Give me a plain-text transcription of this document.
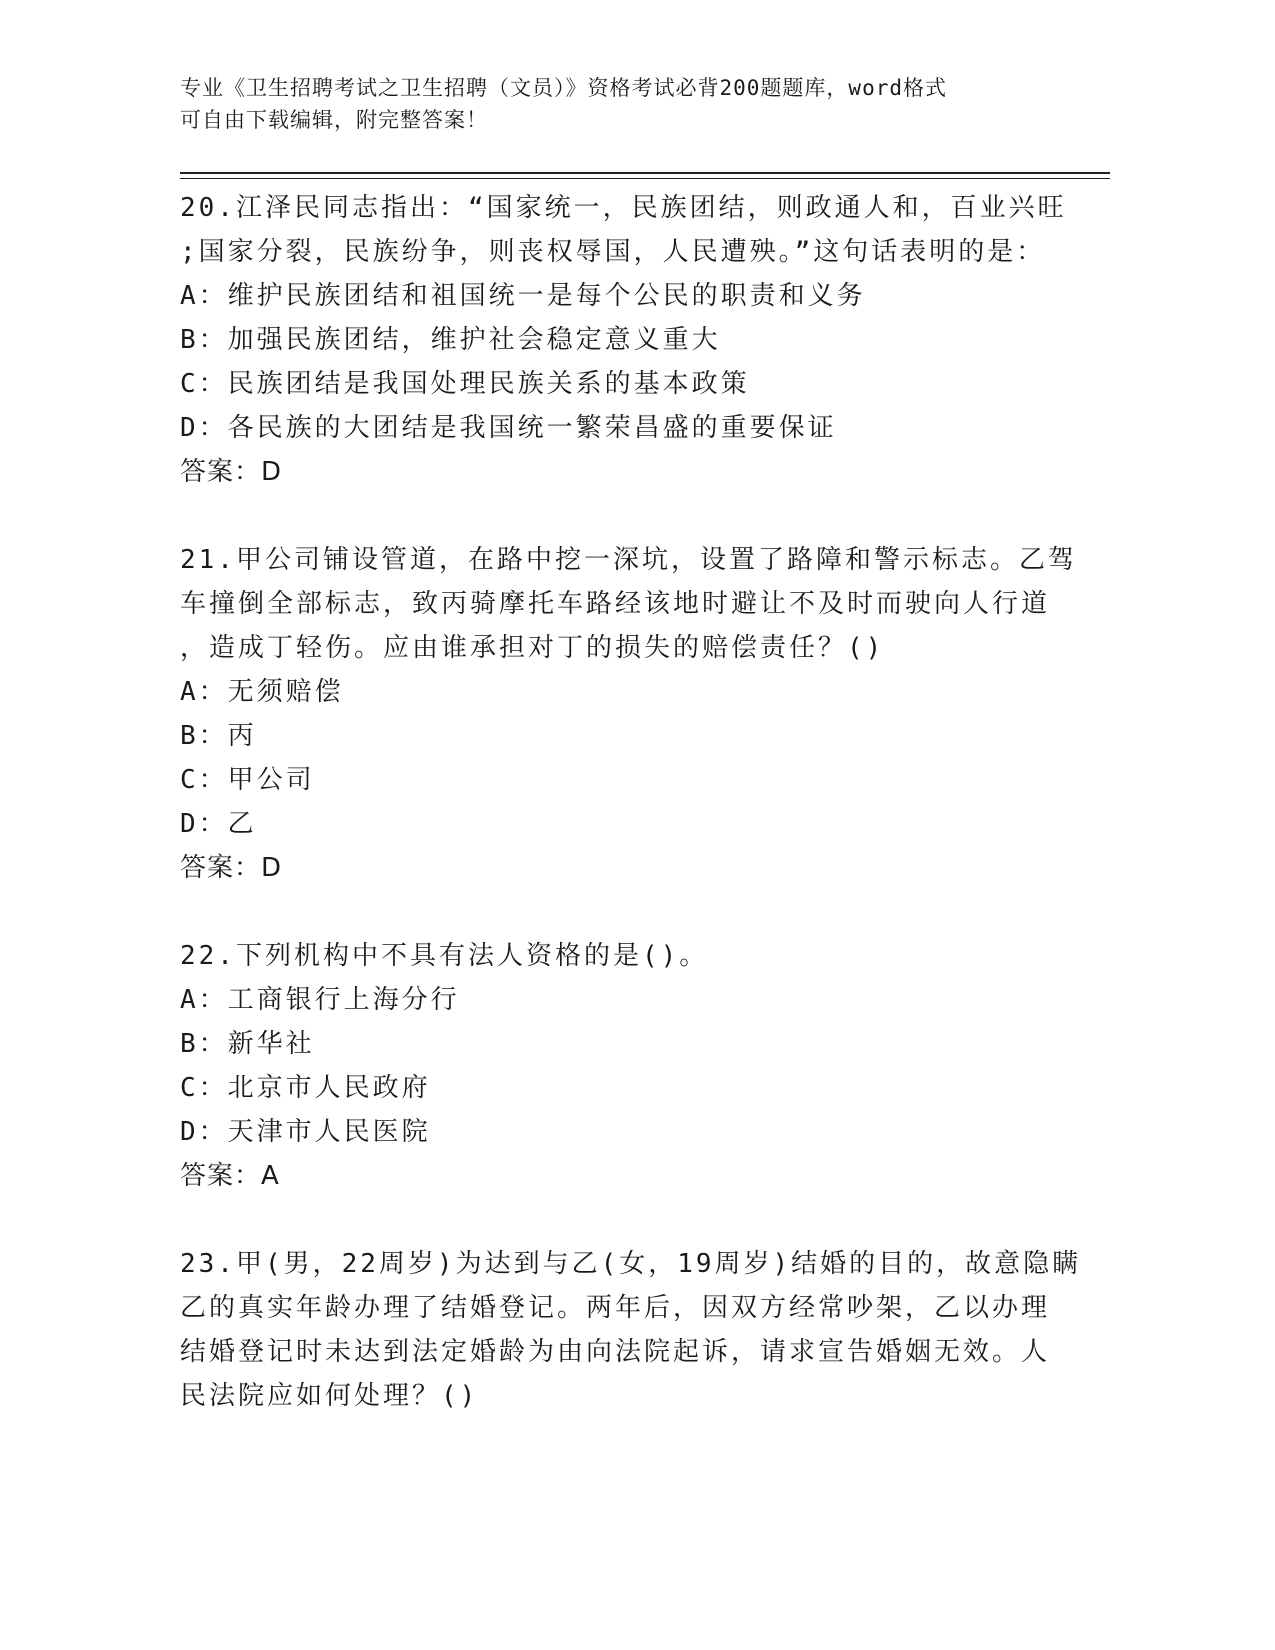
专业《卫生招聘考试之卫生招聘（文员）》资格考试必背200题题库，word格式
可自由下载编辑，附完整答案！
20.江泽民同志指出：“国家统一，民族团结，则政通人和，百业兴旺
;国家分裂，民族纷争，则丧权辱国，人民遭殃。”这句话表明的是：
A：维护民族团结和祖国统一是每个公民的职责和义务
B：加强民族团结，维护社会稳定意义重大
C：民族团结是我国处理民族关系的基本政策
D：各民族的大团结是我国统一繁荣昌盛的重要保证
答案：D
21.甲公司铺设管道，在路中挖一深坑，设置了路障和警示标志。乙驾
车撞倒全部标志，致丙骑摩托车路经该地时避让不及时而驶向人行道
，造成丁轻伤。应由谁承担对丁的损失的赔偿责任？()
A：无须赔偿
B：丙
C：甲公司
D：乙
答案：D
22.下列机构中不具有法人资格的是()。
A：工商银行上海分行
B：新华社
C：北京市人民政府
D：天津市人民医院
答案：A
23.甲(男，22周岁)为达到与乙(女，19周岁)结婚的目的，故意隐瞒
乙的真实年龄办理了结婚登记。两年后，因双方经常吵架，乙以办理
结婚登记时未达到法定婚龄为由向法院起诉，请求宣告婚姻无效。人
民法院应如何处理？()
